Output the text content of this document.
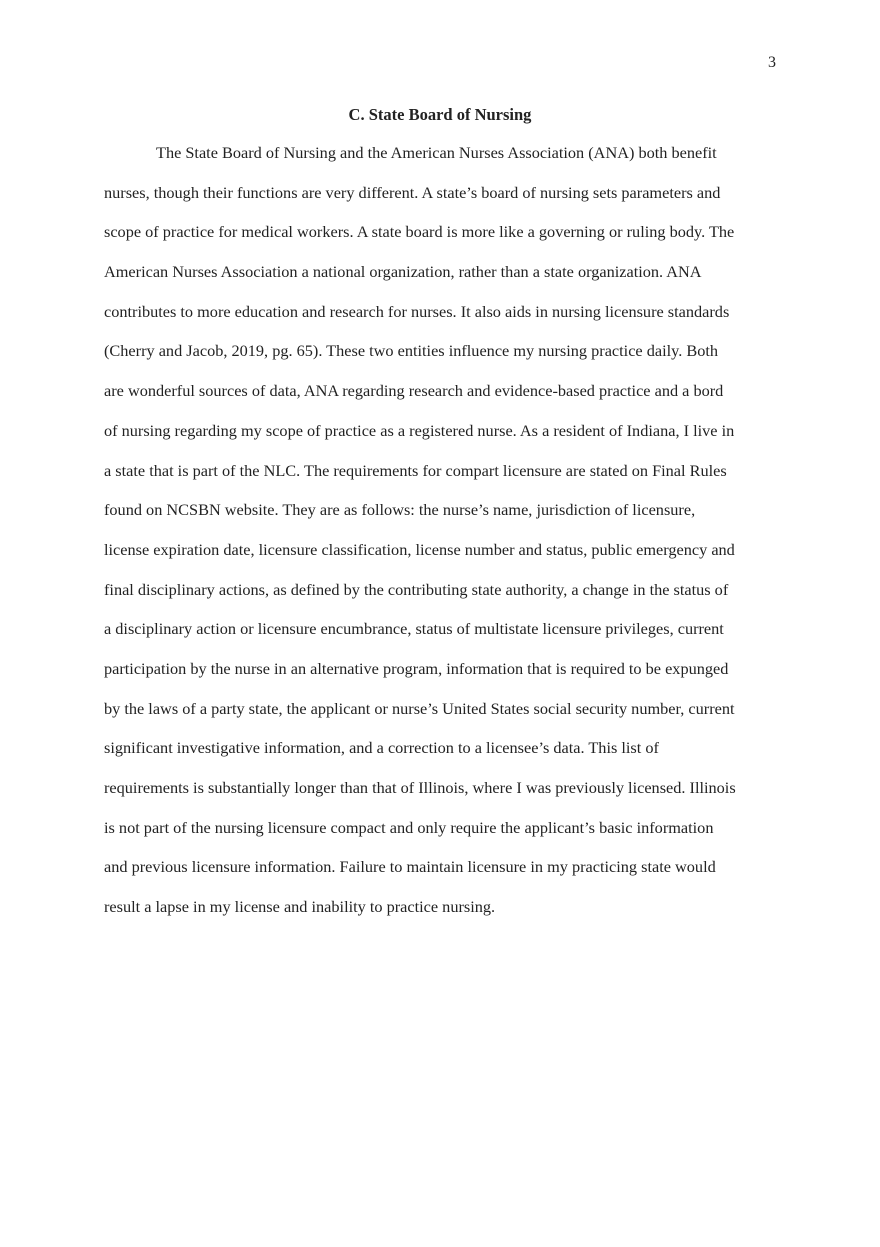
3
C. State Board of Nursing
The State Board of Nursing and the American Nurses Association (ANA) both benefit
nurses, though their functions are very different. A state’s board of nursing sets parameters and
scope of practice for medical workers. A state board is more like a governing or ruling body. The
American Nurses Association a national organization, rather than a state organization. ANA
contributes to more education and research for nurses. It also aids in nursing licensure standards
(Cherry and Jacob, 2019, pg. 65). These two entities influence my nursing practice daily. Both
are wonderful sources of data, ANA regarding research and evidence-based practice and a bord
of nursing regarding my scope of practice as a registered nurse. As a resident of Indiana, I live in
a state that is part of the NLC. The requirements for compart licensure are stated on Final Rules
found on NCSBN website. They are as follows: the nurse’s name, jurisdiction of licensure,
license expiration date, licensure classification, license number and status, public emergency and
final disciplinary actions, as defined by the contributing state authority, a change in the status of
a disciplinary action or licensure encumbrance, status of multistate licensure privileges, current
participation by the nurse in an alternative program, information that is required to be expunged
by the laws of a party state, the applicant or nurse’s United States social security number, current
significant investigative information, and a correction to a licensee’s data. This list of
requirements is substantially longer than that of Illinois, where I was previously licensed. Illinois
is not part of the nursing licensure compact and only require the applicant’s basic information
and previous licensure information. Failure to maintain licensure in my practicing state would
result a lapse in my license and inability to practice nursing.
